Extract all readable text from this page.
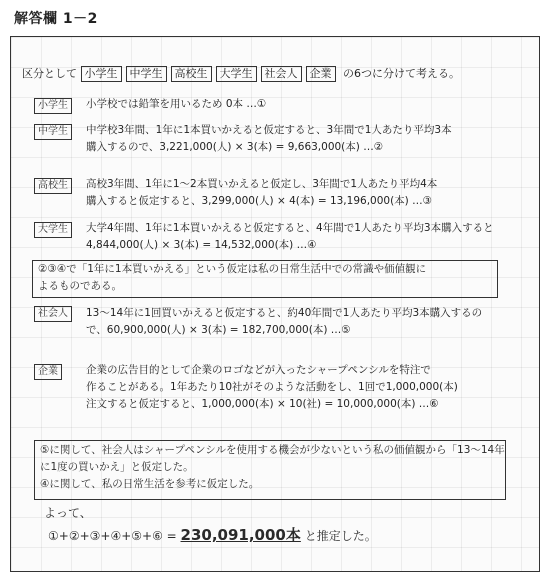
解答欄 1－2
区分として 小学生 中学生 高校生 大学生 社会人 企業 の6つに分けて考える。
小学生	小学校では鉛筆を用いるため 0本 …①
中学生	中学校3年間、1年に1本買いかえると仮定すると、3年間で1人あたり平均3本
購入するので、3,221,000(人) × 3(本) = 9,663,000(本) …②
高校生	高校3年間、1年に1〜2本買いかえると仮定し、3年間で1人あたり平均4本
購入すると仮定すると、3,299,000(人) × 4(本) = 13,196,000(本) …③
大学生	大学4年間、1年に1本買いかえると仮定すると、4年間で1人あたり平均3本購入すると
4,844,000(人) × 3(本) = 14,532,000(本) …④
②③④で「1年に1本買いかえる」という仮定は私の日常生活中での常識や価値観に
よるものである。
社会人	13〜14年に1回買いかえると仮定すると、約40年間で1人あたり平均3本購入するの
で、60,900,000(人) × 3(本) = 182,700,000(本) …⑤
企業	企業の広告目的として企業のロゴなどが入ったシャープペンシルを特注で
作ることがある。1年あたり10社がそのような活動をし、1回で1,000,000(本)
注文すると仮定すると、1,000,000(本) × 10(社) = 10,000,000(本) …⑥
⑤に関して、社会人はシャープペンシルを使用する機会が少ないという私の価値観から「13〜14年
に1度の買いかえ」と仮定した。
④に関して、私の日常生活を参考に仮定した。
よって、
①+②+③+④+⑤+⑥ = 230,091,000本 と推定した。
